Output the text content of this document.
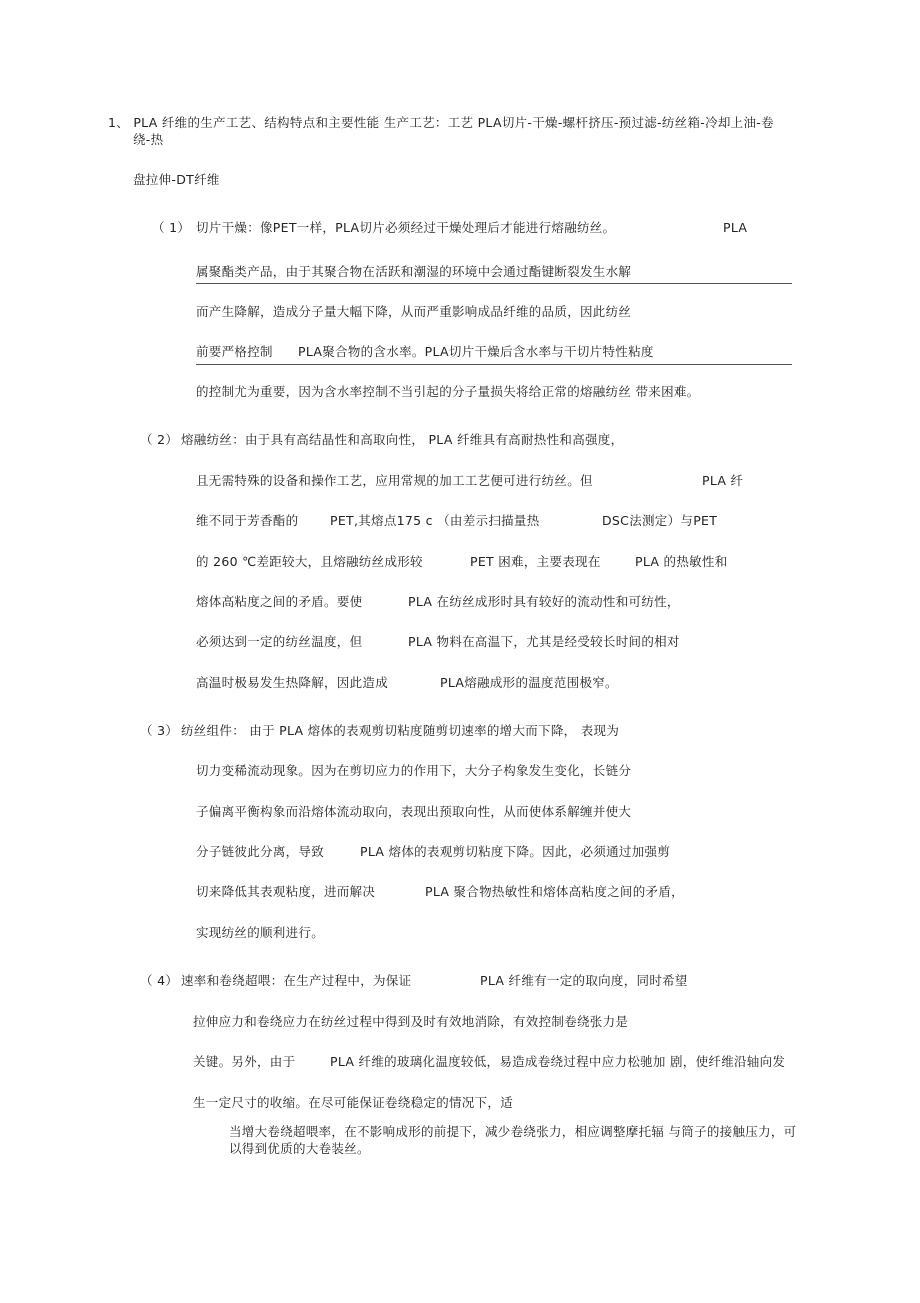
1、 PLA 纤维的生产工艺、结构特点和主要性能 生产工艺：工艺 PLA切片-干燥-螺杆挤压-预过滤-纺丝箱-冷却上油-卷
绕-热
盘拉伸-DT纤维
（ 1） 切片干燥：像PET一样，PLA切片必须经过干燥处理后才能进行熔融纺丝。	PLA
属聚酯类产品，由于其聚合物在活跃和潮湿的环境中会通过酯键断裂发生水解
而产生降解，造成分子量大幅下降，从而严重影响成品纤维的品质，因此纺丝
前要严格控制 PLA聚合物的含水率。PLA切片干燥后含水率与干切片特性粘度
的控制尤为重要，因为含水率控制不当引起的分子量损失将给正常的熔融纺丝 带来困难。
（ 2） 熔融纺丝：由于具有高结晶性和高取向性， PLA 纤维具有高耐热性和高强度，
且无需特殊的设备和操作工艺，应用常规的加工工艺便可进行纺丝。但	PLA 纤
维不同于芳香酯的	PET,其熔点175 c （由差示扫描量热	DSC法测定）与PET
的 260 ℃差距较大，且熔融纺丝成形较	PET 困难，主要表现在	PLA 的热敏性和
熔体高粘度之间的矛盾。要使	PLA 在纺丝成形时具有较好的流动性和可纺性，
必须达到一定的纺丝温度，但	PLA 物料在高温下，尤其是经受较长时间的相对
高温时极易发生热降解，因此造成	PLA熔融成形的温度范围极窄。
（ 3） 纺丝组件： 由于 PLA 熔体的表观剪切粘度随剪切速率的增大而下降， 表现为
切力变稀流动现象。因为在剪切应力的作用下，大分子构象发生变化，长链分
子偏离平衡构象而沿熔体流动取向，表现出预取向性，从而使体系解缠并使大
分子链彼此分离，导致	PLA 熔体的表观剪切粘度下降。因此，必须通过加强剪
切来降低其表观粘度，进而解决	PLA 聚合物热敏性和熔体高粘度之间的矛盾，
实现纺丝的顺利进行。
（ 4） 速率和卷绕超喂：在生产过程中，为保证	PLA 纤维有一定的取向度，同时希望
拉伸应力和卷绕应力在纺丝过程中得到及时有效地消除，有效控制卷绕张力是
关键。另外，由于	PLA 纤维的玻璃化温度较低，易造成卷绕过程中应力松驰加 剧，使纤维沿轴向发
生一定尺寸的收缩。在尽可能保证卷绕稳定的情况下，适
当增大卷绕超喂率，在不影响成形的前提下，减少卷绕张力，相应调整摩托辐 与筒子的接触压力，可
以得到优质的大卷装丝。
